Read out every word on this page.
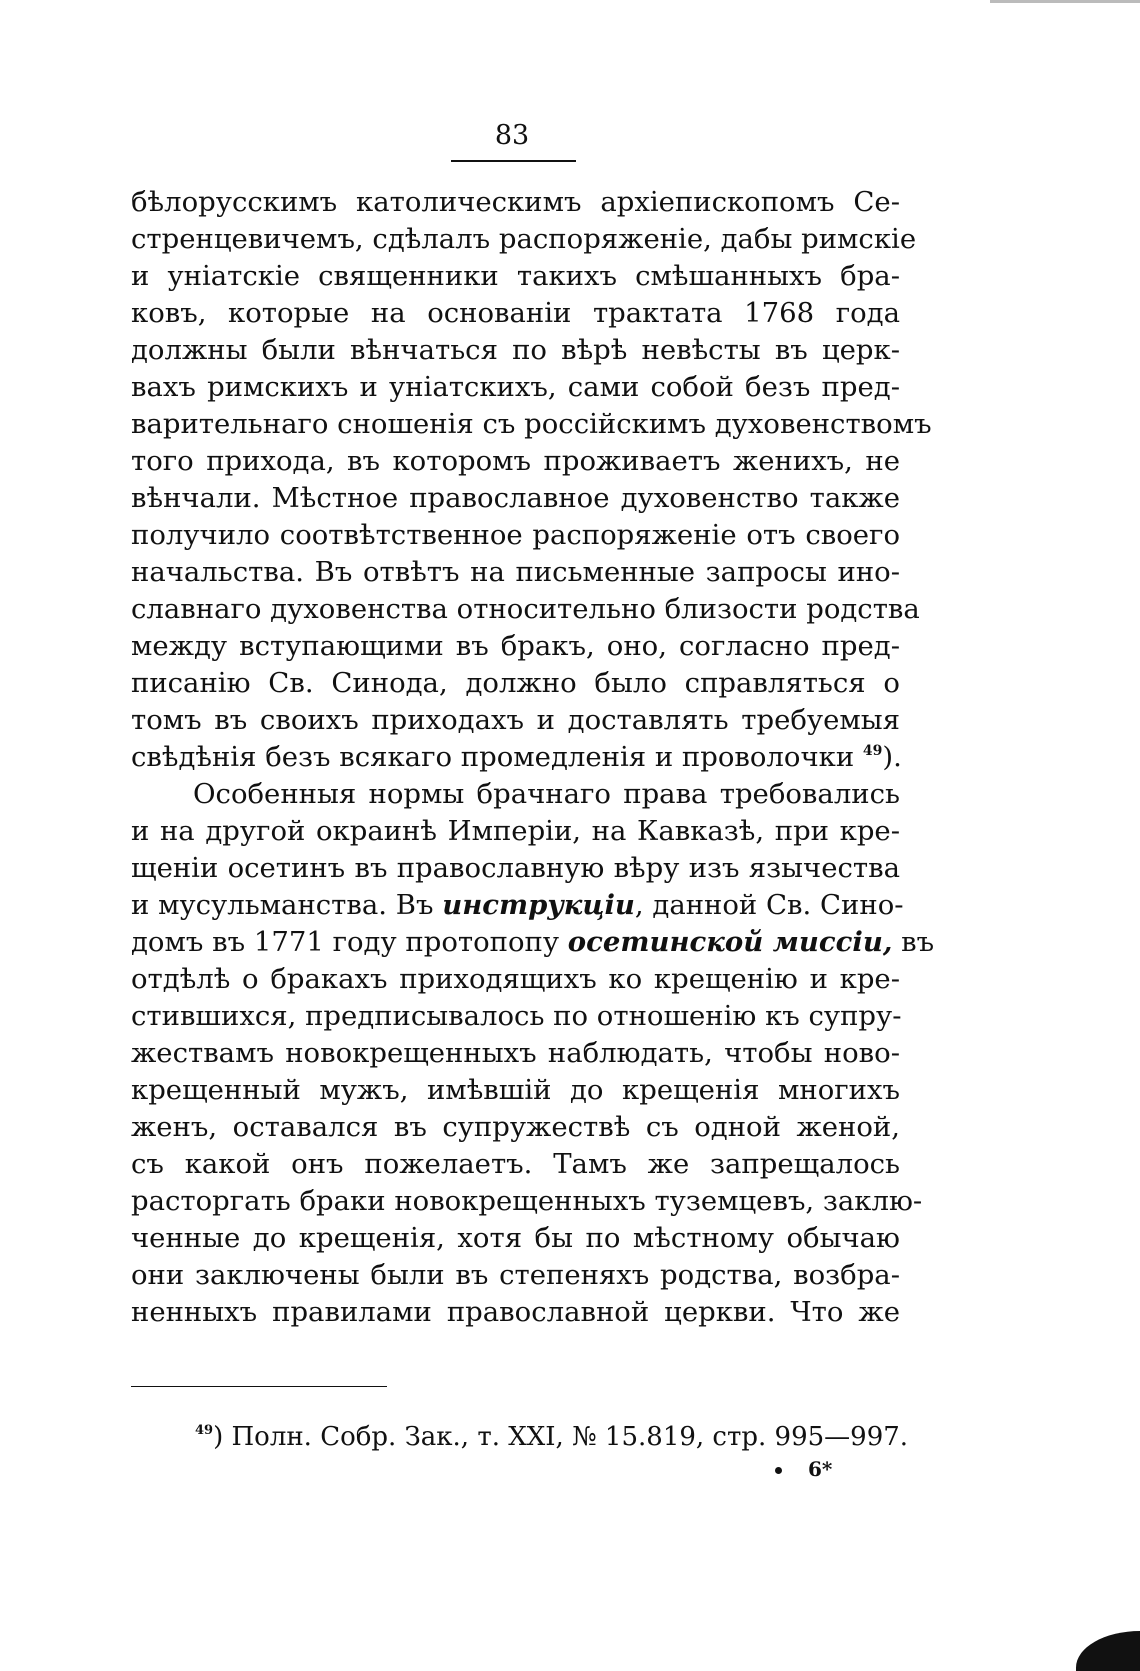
83
бѣлорусскимъ католическимъ архіепископомъ Се-
стренцевичемъ, сдѣлалъ распоряженіе, дабы римскіе
и уніатскіе священники такихъ смѣшанныхъ бра-
ковъ, которые на основаніи трактата 1768 года
должны были вѣнчаться по вѣрѣ невѣсты въ церк-
вахъ римскихъ и уніатскихъ, сами собой безъ пред-
варительнаго сношенія съ россійскимъ духовенствомъ
того прихода, въ которомъ проживаетъ женихъ, не
вѣнчали. Мѣстное православное духовенство также
получило соотвѣтственное распоряженіе отъ своего
начальства. Въ отвѣтъ на письменные запросы ино-
славнаго духовенства относительно близости родства
между вступающими въ бракъ, оно, согласно пред-
писанію Св. Синода, должно было справляться о
томъ въ своихъ приходахъ и доставлять требуемыя
свѣдѣнія безъ всякаго промедленія и проволочки $^{49}$).
Особенныя нормы брачнаго права требовались
и на другой окраинѣ Имперіи, на Кавказѣ, при кре-
щеніи осетинъ въ православную вѣру изъ язычества
и мусульманства. Въ инструкціи, данной Св. Сино-
домъ въ 1771 году протопопу осетинской миссіи, въ
отдѣлѣ о бракахъ приходящихъ ко крещенію и кре-
стившихся, предписывалось по отношенію къ супру-
жествамъ новокрещенныхъ наблюдать, чтобы ново-
крещенный мужъ, имѣвшій до крещенія многихъ
женъ, оставался въ супружествѣ съ одной женой,
съ какой онъ пожелаетъ. Тамъ же запрещалось
расторгать браки новокрещенныхъ туземцевъ, заклю-
ченные до крещенія, хотя бы по мѣстному обычаю
они заключены были въ степеняхъ родства, возбра-
ненныхъ правилами православной церкви. Что же
$^{49}$) Полн. Собр. Зак., т. XXI, № 15.819, стр. 995—997.
6*
